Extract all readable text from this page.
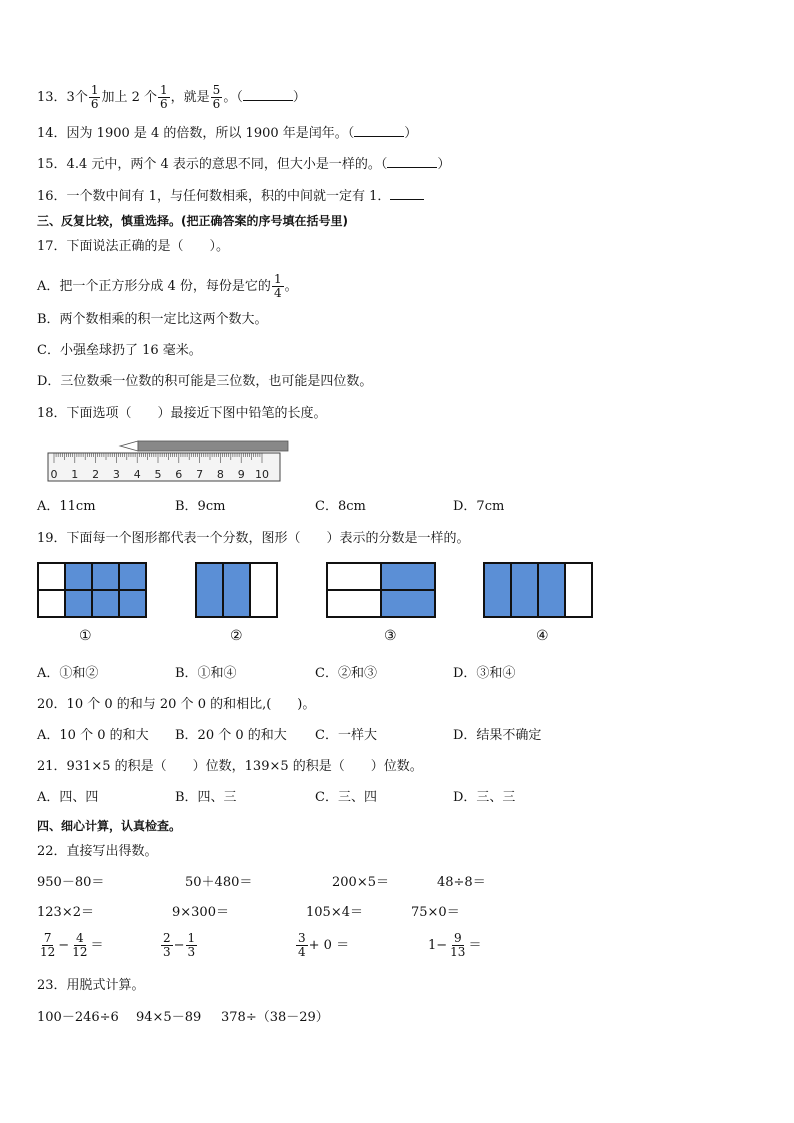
13．3个 $\frac{1}{6}$ 加上 2 个 $\frac{1}{6}$ ，就是 $\frac{5}{6}$ 。（	）
14．因为 1900 是 4 的倍数，所以 1900 年是闰年。（	）
15．4.4 元中，两个 4 表示的意思不同，但大小是一样的。（	）
16．一个数中间有 1，与任何数相乘，积的中间就一定有 1．
三、反复比较，慎重选择。(把正确答案的序号填在括号里)
17．下面说法正确的是（　　）。
A．把一个正方形分成 4 份，每份是它的 $\frac{1}{4}$ 。
B．两个数相乘的积一定比这两个数大。
C．小强垒球扔了 16 毫米。
D．三位数乘一位数的积可能是三位数，也可能是四位数。
18．下面选项（　　）最接近下图中铅笔的长度。
0 1 2 3 4 5 6 7 8 9 10
A．11cm	B．9cm	C．8cm	D．7cm
19．下面每一个图形都代表一个分数，图形（　　）表示的分数是一样的。
①	②	③	④
A．①和②	B．①和④	C．②和③	D．③和④
20．10 个 0 的和与 20 个 0 的和相比,(　　)。
A．10 个 0 的和大 B．20 个 0 的和大 C．一样大	D．结果不确定
21．931×5 的积是（　　）位数，139×5 的积是（　　）位数。
A．四、四	B．四、三	C．三、四	D．三、三
四、细心计算，认真检查。
22．直接写出得数。
950－80＝	50＋480＝	200×5＝	48÷8＝
123×2＝	9×300＝	105×4＝	75×0＝
$\frac{7}{12} - \frac{4}{12}$ ＝	$\frac{2}{3} - \frac{1}{3}$	$\frac{3}{4} + 0$ ＝	$1- \frac{9}{13}$ ＝
23．用脱式计算。
100－246÷6 94×5－89 378÷（38－29）
